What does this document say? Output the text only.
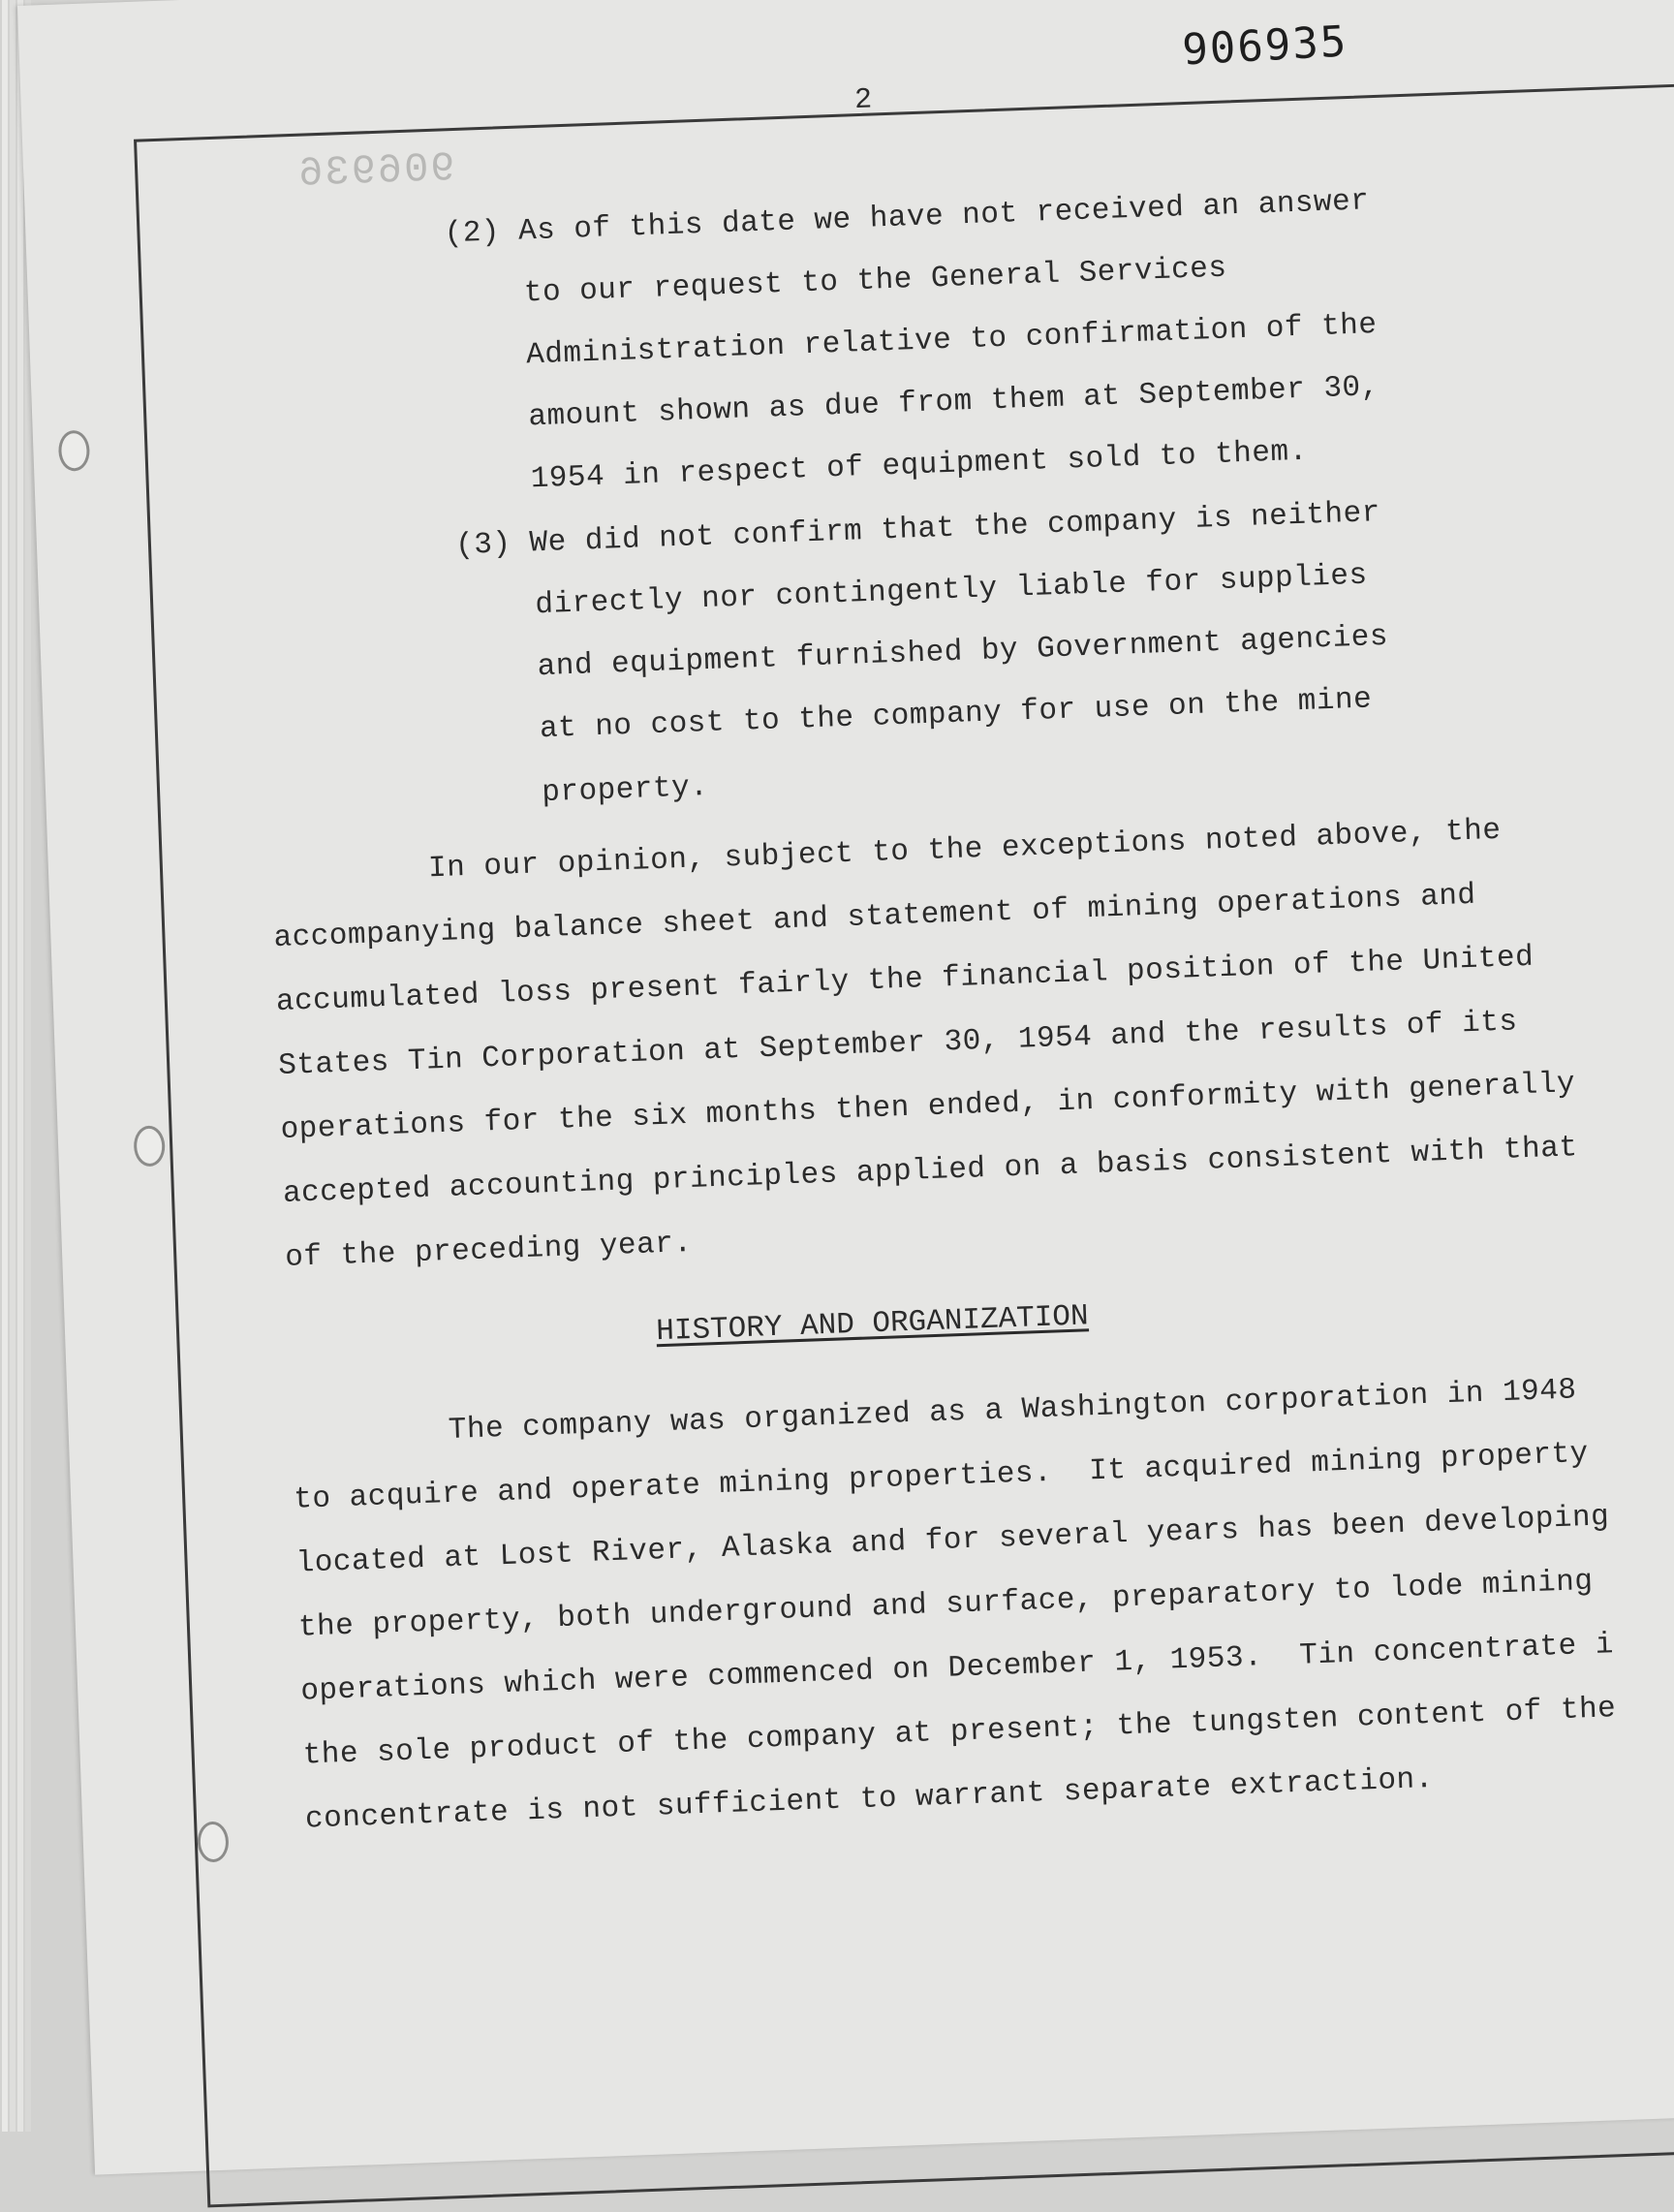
2
906935
906936
(2) As of this date we have not received an answer
to our request to the General Services
Administration relative to confirmation of the
amount shown as due from them at September 30,
1954 in respect of equipment sold to them.
(3) We did not confirm that the company is neither
directly nor contingently liable for supplies
and equipment furnished by Government agencies
at no cost to the company for use on the mine
property.
In our opinion, subject to the exceptions noted above, the
accompanying balance sheet and statement of mining operations and
accumulated loss present fairly the financial position of the United
States Tin Corporation at September 30, 1954 and the results of its
operations for the six months then ended, in conformity with generally
accepted accounting principles applied on a basis consistent with that
of the preceding year.
HISTORY AND ORGANIZATION
The company was organized as a Washington corporation in 1948
to acquire and operate mining properties.  It acquired mining property
located at Lost River, Alaska and for several years has been developing
the property, both underground and surface, preparatory to lode mining
operations which were commenced on December 1, 1953.  Tin concentrate i
the sole product of the company at present; the tungsten content of the
concentrate is not sufficient to warrant separate extraction.
